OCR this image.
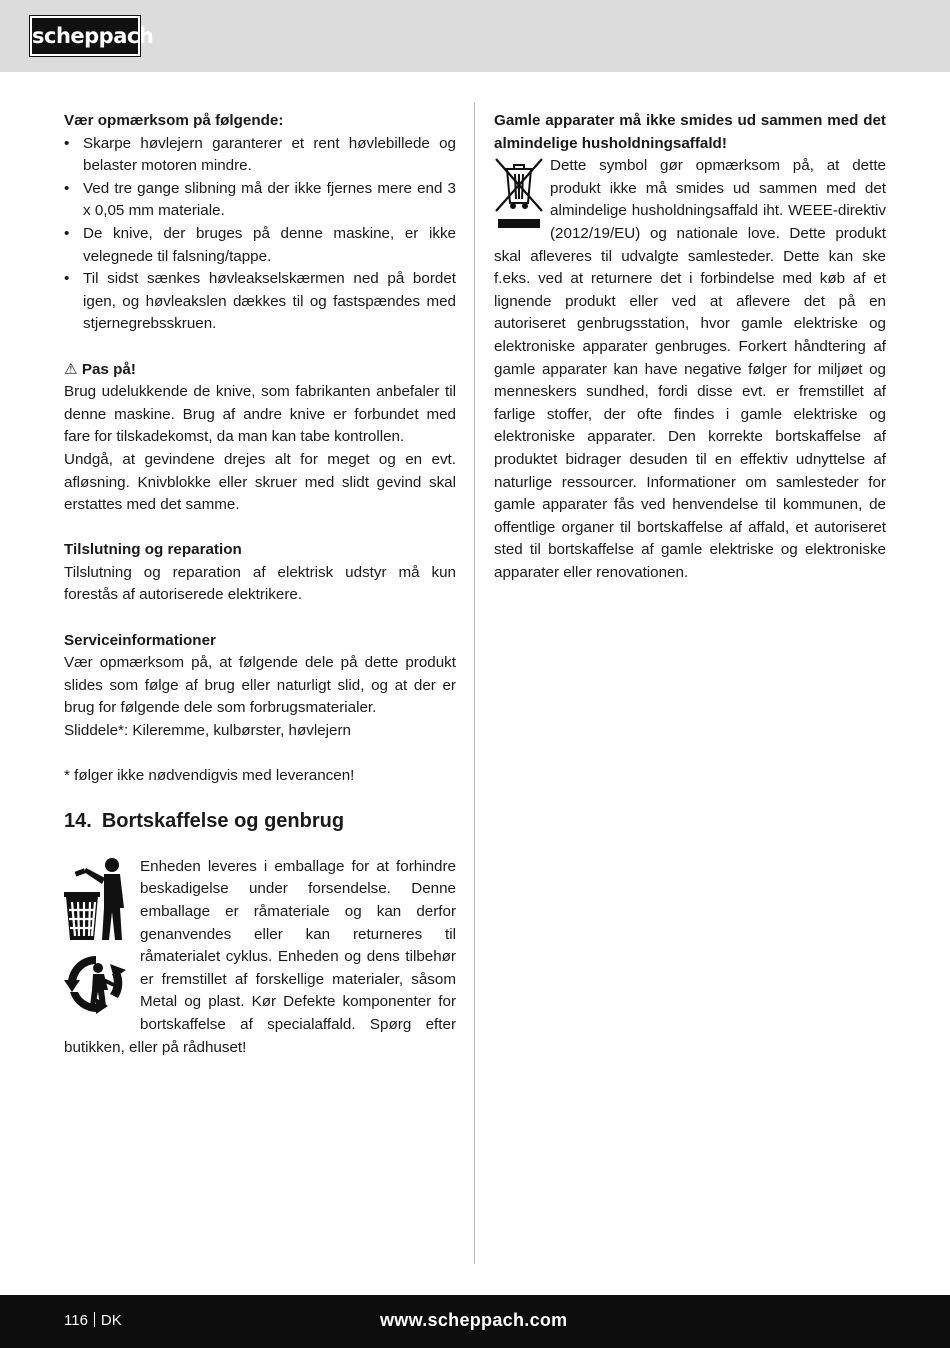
scheppach

Vær opmærksom på følgende:

• Skarpe høvlejern garanterer et rent høvlebillede og belaster motoren mindre.
• Ved tre gange slibning må der ikke fjernes mere end 3 x 0,05 mm materiale.
• De knive, der bruges på denne maskine, er ikke velegnede til falsning/tappe.
• Til sidst sænkes høvleakselskærmen ned på bordet igen, og høvleakslen dækkes til og fastspændes med stjernegrebsskruen.

⚠ Pas på!

Brug udelukkende de knive, som fabrikanten anbefaler til denne maskine. Brug af andre knive er forbundet med fare for tilskadekomst, da man kan tabe kontrollen.

Undgå, at gevindene drejes alt for meget og en evt. afløsning. Knivblokke eller skruer med slidt gevind skal erstattes med det samme.

Tilslutning og reparation

Tilslutning og reparation af elektrisk udstyr må kun forestås af autoriserede elektrikere.

Serviceinformationer

Vær opmærksom på, at følgende dele på dette produkt slides som følge af brug eller naturligt slid, og at der er brug for følgende dele som forbrugsmaterialer.

Sliddele*: Kileremme, kulbørster, høvlejern

* følger ikke nødvendigvis med leverancen!

14. Bortskaffelse og genbrug

Enheden leveres i emballage for at forhindre beskadigelse under forsendelse. Denne emballage er råmateriale og kan derfor genanvendes eller kan returneres til råmaterialet cyklus. Enheden og dens tilbehør er fremstillet af forskellige materialer, såsom Metal og plast. Kør Defekte komponenter for bortskaffelse af specialaffald. Spørg efter butikken, eller på rådhuset!

Gamle apparater må ikke smides ud sammen med det almindelige husholdningsaffald!

Dette symbol gør opmærksom på, at dette produkt ikke må smides ud sammen med det almindelige husholdningsaffald iht. WEEE-direktiv (2012/19/EU) og nationale love. Dette produkt skal afleveres til udvalgte samlesteder. Dette kan ske f.eks. ved at returnere det i forbindelse med køb af et lignende produkt eller ved at aflevere det på en autoriseret genbrugsstation, hvor gamle elektriske og elektroniske apparater genbruges. Forkert håndtering af gamle apparater kan have negative følger for miljøet og menneskers sundhed, fordi disse evt. er fremstillet af farlige stoffer, der ofte findes i gamle elektriske og elektroniske apparater. Den korrekte bortskaffelse af produktet bidrager desuden til en effektiv udnyttelse af naturlige ressourcer. Informationer om samlesteder for gamle apparater fås ved henvendelse til kommunen, de offentlige organer til bortskaffelse af affald, et autoriseret sted til bortskaffelse af gamle elektriske og elektroniske apparater eller renovationen.

116 DK	www.scheppach.com
